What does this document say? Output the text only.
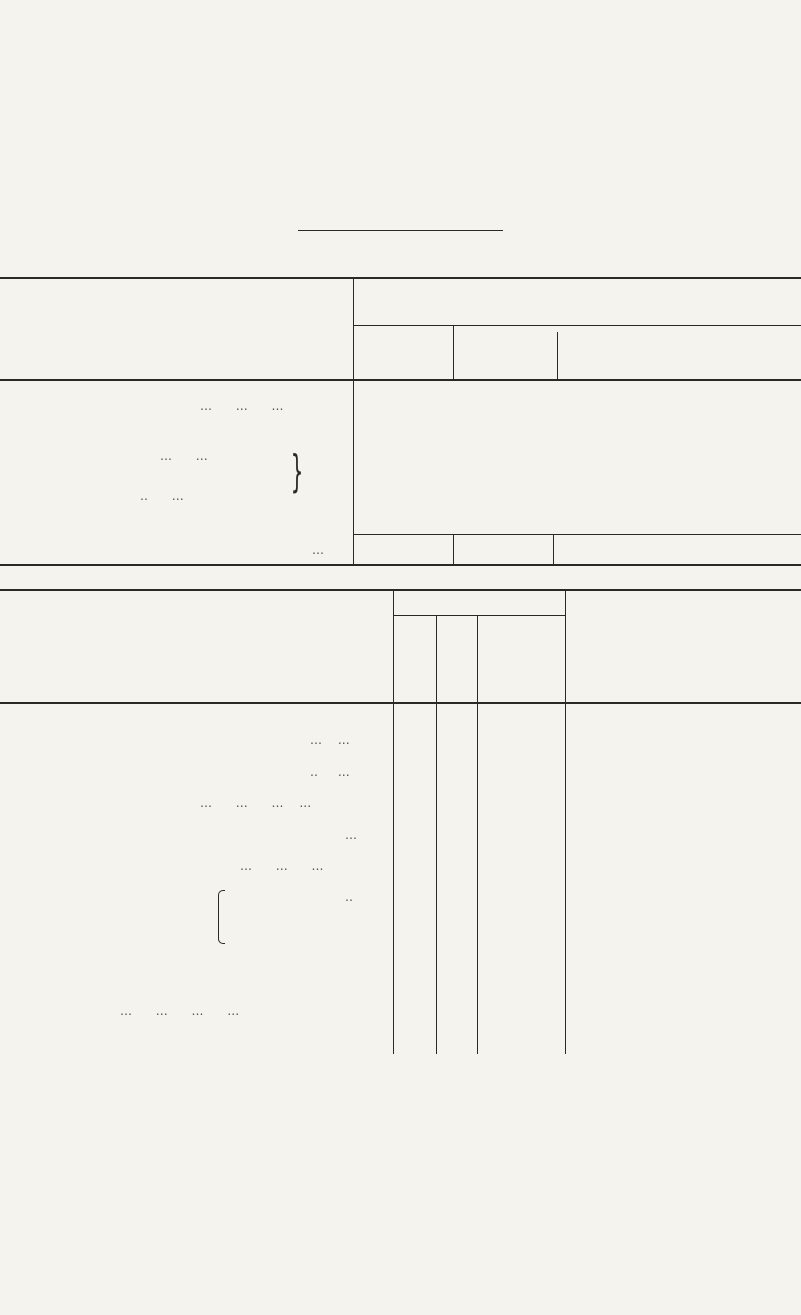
...      ...      ...
...      ...
..      ... }
...
...    ...
..     ...
...      ...      ...    ...
...
...      ...      ...
..
...      ...      ...      ...
